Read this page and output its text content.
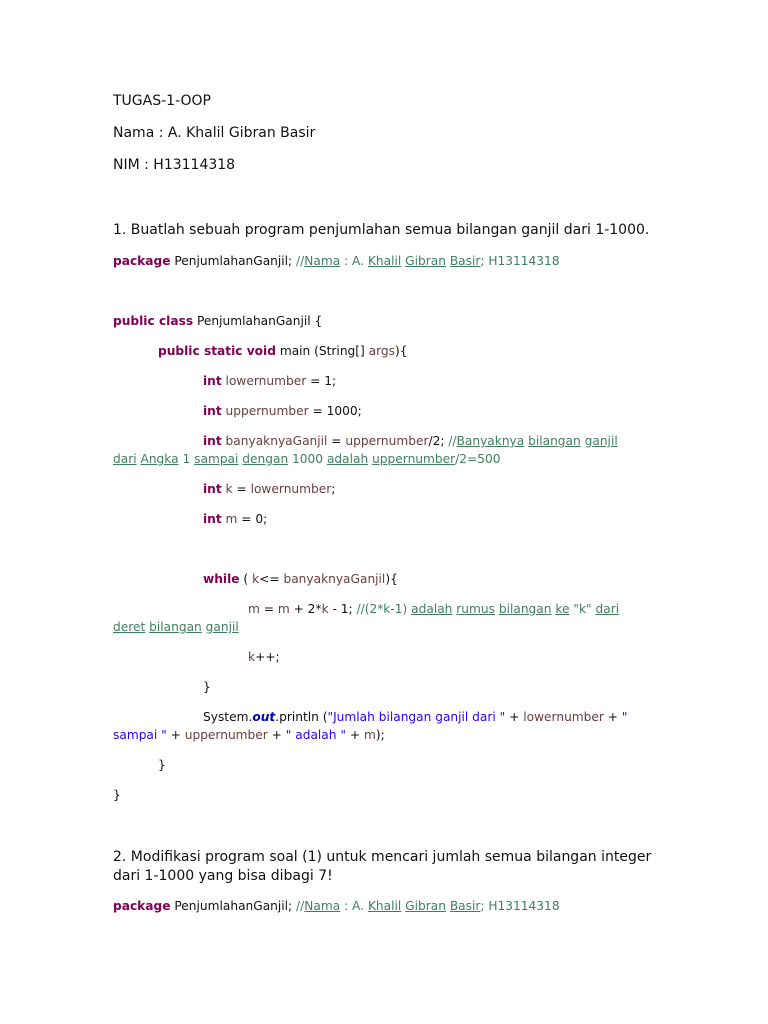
TUGAS-1-OOP

Nama : A. Khalil Gibran Basir

NIM : H13114318

1. Buatlah sebuah program penjumlahan semua bilangan ganjil dari 1-1000.

package PenjumlahanGanjil; //Nama : A. Khalil Gibran Basir; H13114318

public class PenjumlahanGanjil {

public static void main (String[] args){

int lowernumber = 1;

int uppernumber = 1000;

int banyaknyaGanjil = uppernumber/2; //Banyaknya bilangan ganjil

dari Angka 1 sampai dengan 1000 adalah uppernumber/2=500

int k = lowernumber;

int m = 0;

while ( k<= banyaknyaGanjil){

m = m + 2*k - 1; //(2*k-1) adalah rumus bilangan ke "k" dari

deret bilangan ganjil

k++;

}

System.out.println ("Jumlah bilangan ganjil dari " + lowernumber + "

sampai " + uppernumber + " adalah " + m);

}

}

2. Modifikasi program soal (1) untuk mencari jumlah semua bilangan integer

dari 1-1000 yang bisa dibagi 7!

package PenjumlahanGanjil; //Nama : A. Khalil Gibran Basir; H13114318
